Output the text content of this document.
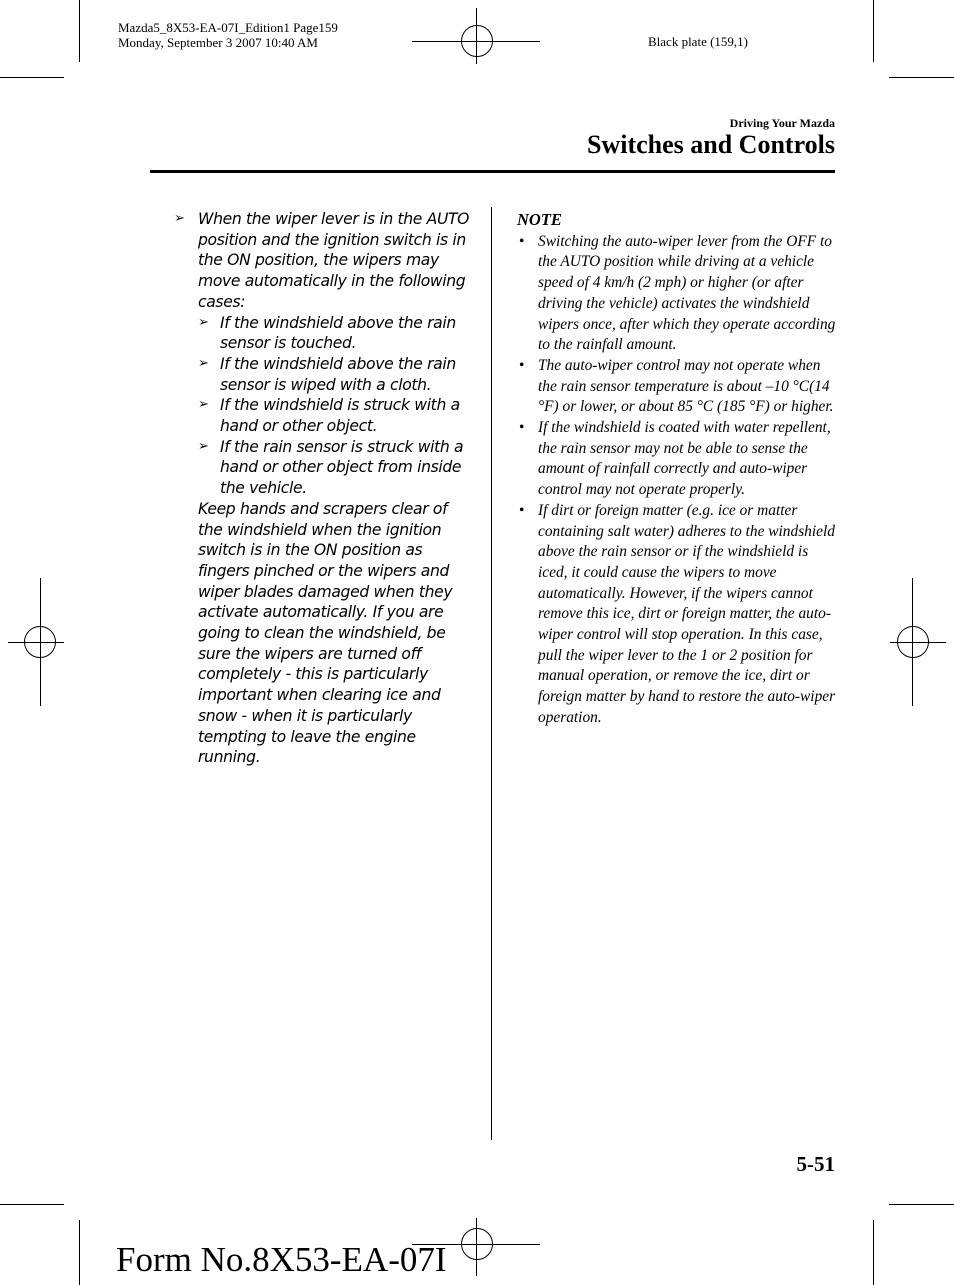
Mazda5_8X53-EA-07I_Edition1 Page159
Monday, September 3 2007 10:40 AM	Black plate (159,1)
Driving Your Mazda
Switches and Controls
➢ When the wiper lever is in the AUTO position and the ignition switch is in the ON position, the wipers may move automatically in the following cases:
➢ If the windshield above the rain sensor is touched.
➢ If the windshield above the rain sensor is wiped with a cloth.
➢ If the windshield is struck with a hand or other object.
➢ If the rain sensor is struck with a hand or other object from inside the vehicle.
Keep hands and scrapers clear of the windshield when the ignition switch is in the ON position as fingers pinched or the wipers and wiper blades damaged when they activate automatically. If you are going to clean the windshield, be sure the wipers are turned off completely - this is particularly important when clearing ice and snow - when it is particularly tempting to leave the engine running.
NOTE
• Switching the auto-wiper lever from the OFF to the AUTO position while driving at a vehicle speed of 4 km/h (2 mph) or higher (or after driving the vehicle) activates the windshield wipers once, after which they operate according to the rainfall amount.
• The auto-wiper control may not operate when the rain sensor temperature is about –10 °C(14 °F) or lower, or about 85 °C (185 °F) or higher.
• If the windshield is coated with water repellent, the rain sensor may not be able to sense the amount of rainfall correctly and auto-wiper control may not operate properly.
• If dirt or foreign matter (e.g. ice or matter containing salt water) adheres to the windshield above the rain sensor or if the windshield is iced, it could cause the wipers to move automatically. However, if the wipers cannot remove this ice, dirt or foreign matter, the auto-wiper control will stop operation. In this case, pull the wiper lever to the 1 or 2 position for manual operation, or remove the ice, dirt or foreign matter by hand to restore the auto-wiper operation.
5-51
Form No.8X53-EA-07I
